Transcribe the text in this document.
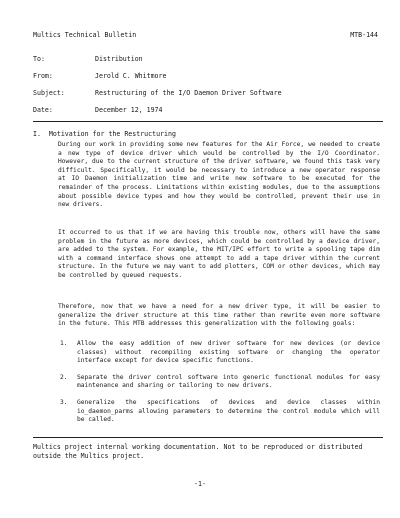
Multics Technical Bulletin	MTB-144
To:	Distribution
From:	Jerold C. Whitmore
Subject:	Restructuring of the I/O Daemon Driver Software
Date:	December 12, 1974
I. Motivation for the Restructuring
During our work in providing some new features for the Air Force, we needed to create a new type of device driver which would be controlled by the I/O Coordinator. However, due to the current structure of the driver software, we found this task very difficult. Specifically, it would be necessary to introduce a new operator response at IO Daemon initialization time and write new software to be executed for the remainder of the process. Limitations within existing modules, due to the assumptions about possible device types and how they would be controlled, prevent their use in new drivers.
It occurred to us that if we are having this trouble now, others will have the same problem in the future as more devices, which could be controlled by a device driver, are added to the system. For example, the MIT/IPC effort to write a spooling tape dim with a command interface shows one attempt to add a tape driver within the current structure. In the future we may want to add plotters, COM or other devices, which may be controlled by queued requests.
Therefore, now that we have a need for a new driver type, it will be easier to generalize the driver structure at this time rather than rewrite even more software in the future. This MTB addresses this generalization with the following goals:
1.	Allow the easy addition of new driver software for new devices (or device classes) without recompiling existing software or changing the operator interface except for device specific functions.
2.	Separate the driver control software into generic functional modules for easy maintenance and sharing or tailoring to new drivers.
3.	Generalize the specifications of devices and device classes within io_daemon_parms allowing parameters to determine the control module which will be called.
Multics project internal working documentation. Not to be reproduced or distributed outside the Multics project.
-1-
